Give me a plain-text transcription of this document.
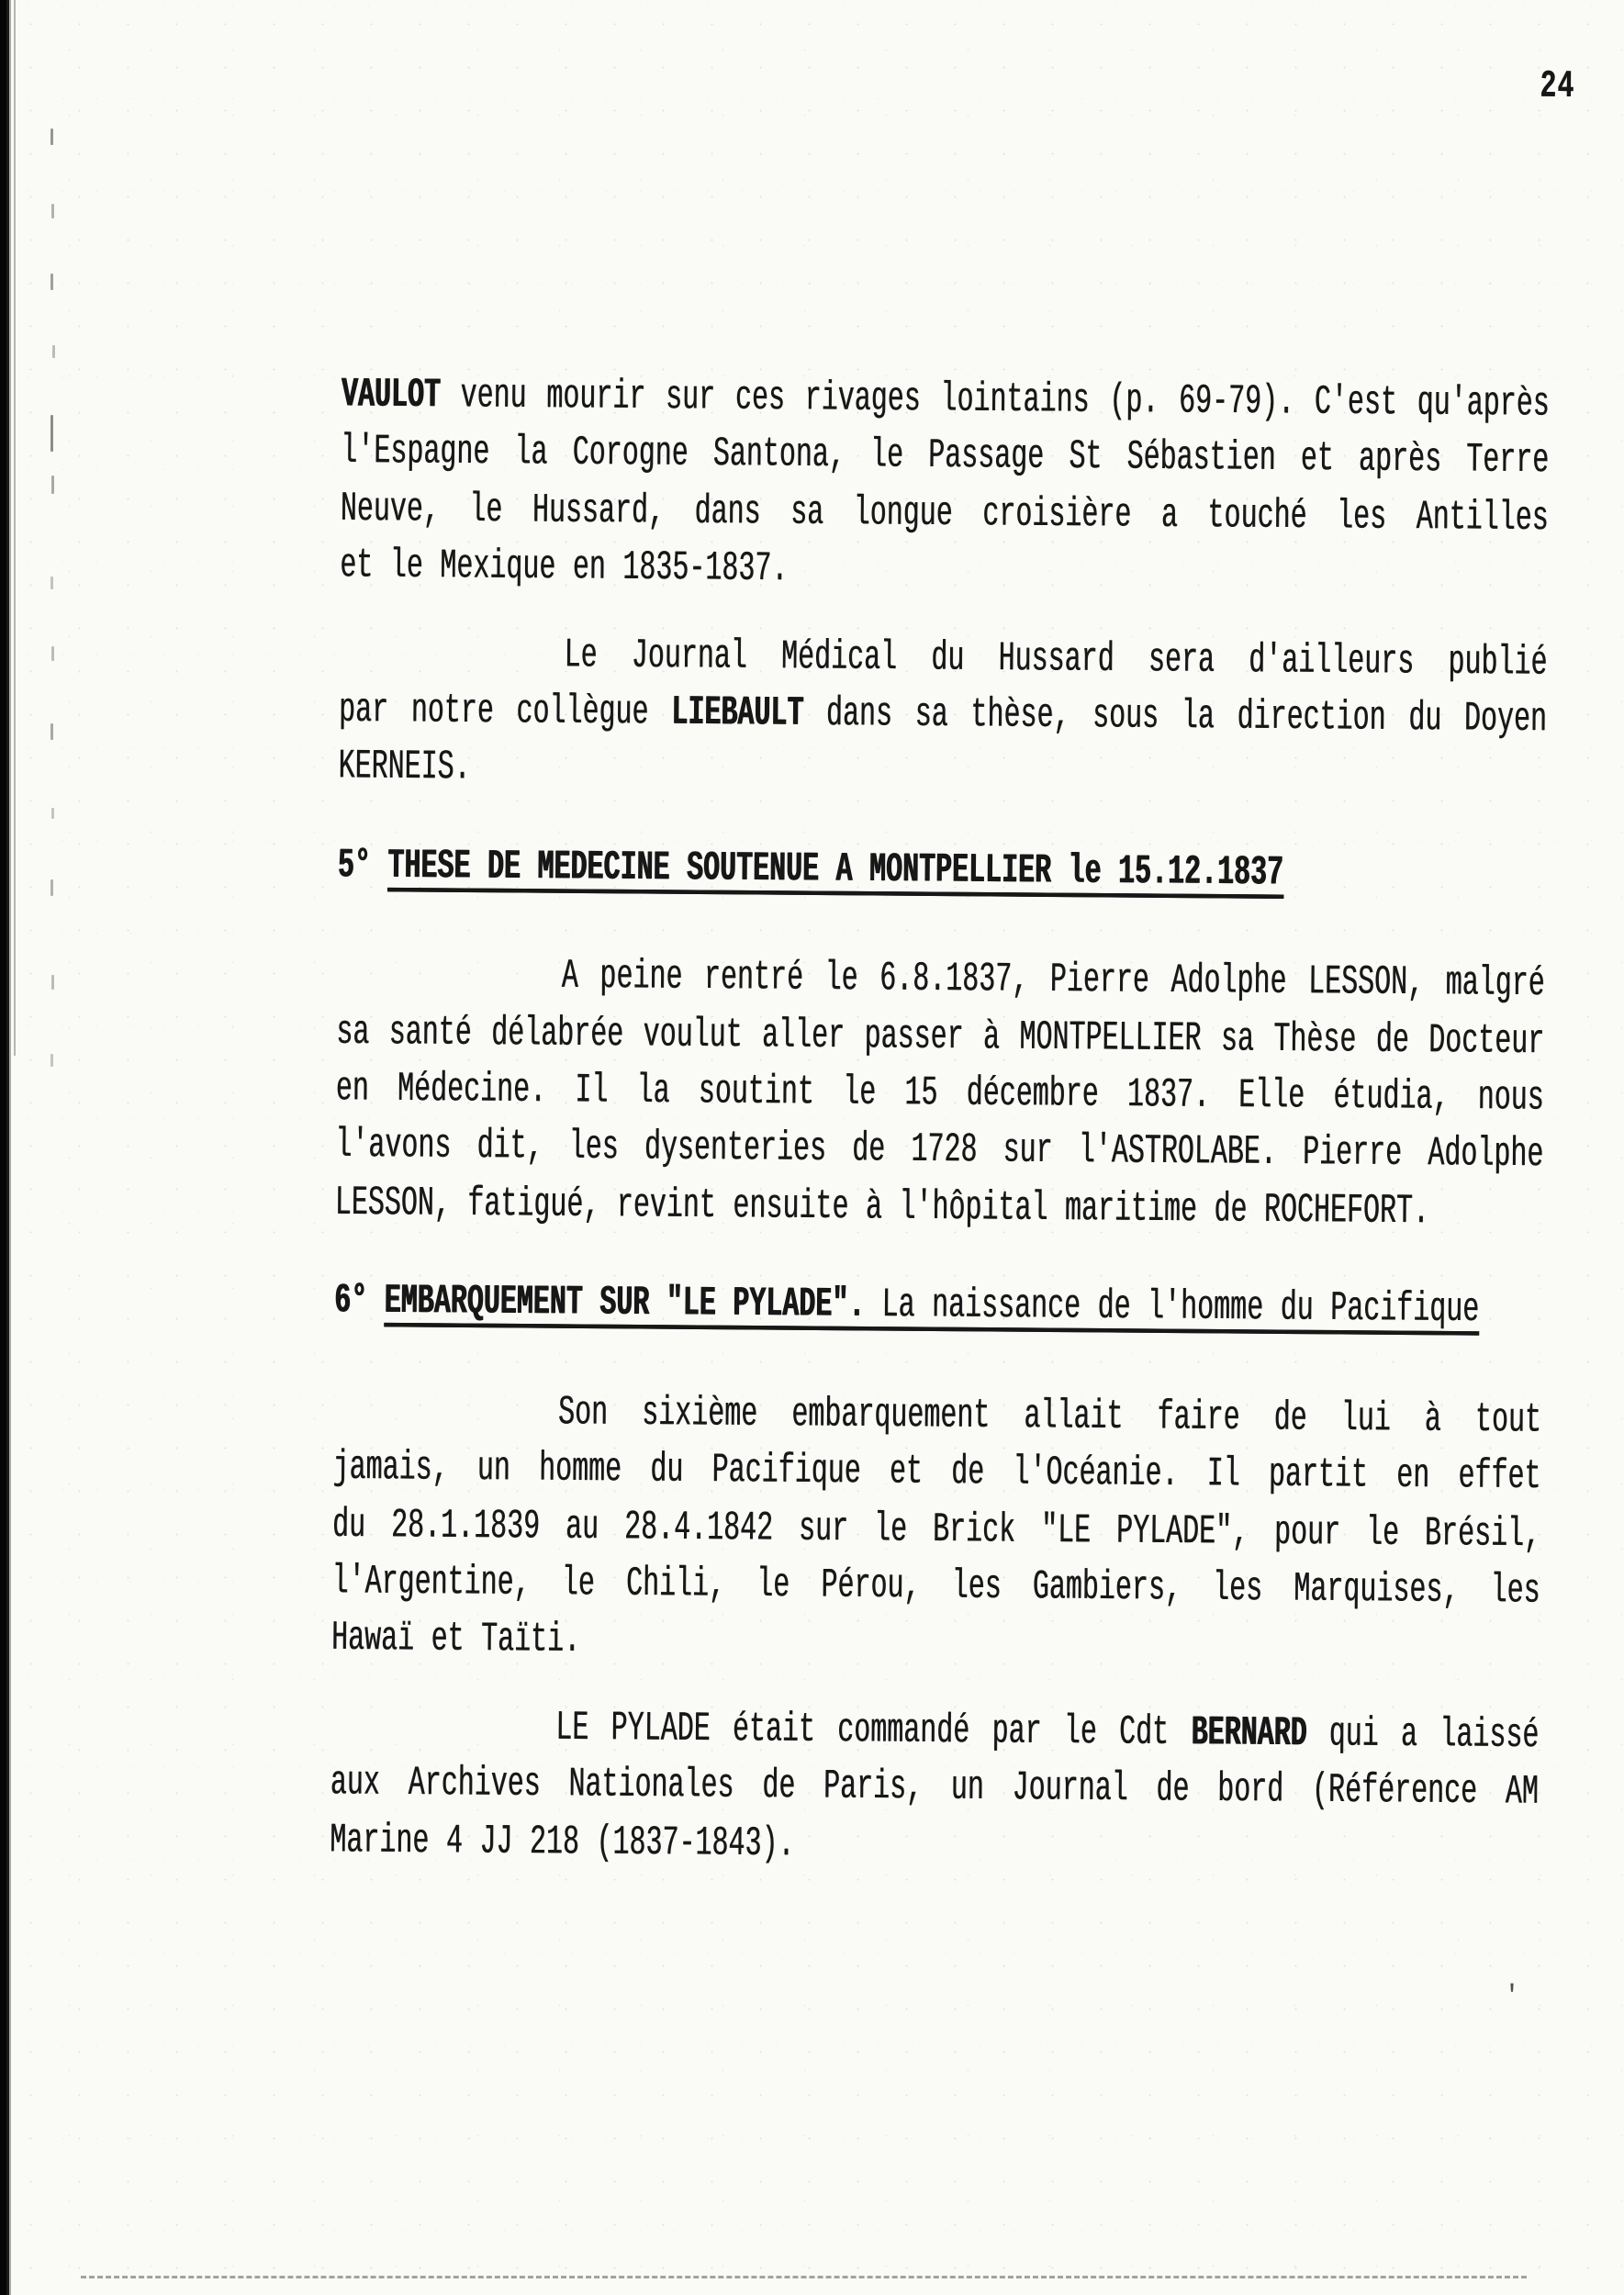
24
VAULOT venu mourir sur ces rivages lointains (p. 69-79). C'est qu'après
l'Espagne la Corogne Santona, le Passage St Sébastien et après Terre
Neuve, le Hussard, dans sa longue croisière a touché les Antilles
et le Mexique en 1835-1837.
Le Journal Médical du Hussard sera d'ailleurs publié
par notre collègue LIEBAULT dans sa thèse, sous la direction du Doyen
KERNEIS.
5° THESE DE MEDECINE SOUTENUE A MONTPELLIER le 15.12.1837
A peine rentré le 6.8.1837, Pierre Adolphe LESSON, malgré
sa santé délabrée voulut aller passer à MONTPELLIER sa Thèse de Docteur
en Médecine. Il la soutint le 15 décembre 1837. Elle étudia, nous
l'avons dit, les dysenteries de 1728 sur l'ASTROLABE. Pierre Adolphe
LESSON, fatigué, revint ensuite à l'hôpital maritime de ROCHEFORT.
6° EMBARQUEMENT SUR "LE PYLADE". La naissance de l'homme du Pacifique
Son sixième embarquement allait faire de lui à tout
jamais, un homme du Pacifique et de l'Océanie. Il partit en effet
du 28.1.1839 au 28.4.1842 sur le Brick "LE PYLADE", pour le Brésil,
l'Argentine, le Chili, le Pérou, les Gambiers, les Marquises, les
Hawaï et Taïti.
LE PYLADE était commandé par le Cdt BERNARD qui a laissé
aux Archives Nationales de Paris, un Journal de bord (Référence AM
Marine 4 JJ 218 (1837-1843).
'
